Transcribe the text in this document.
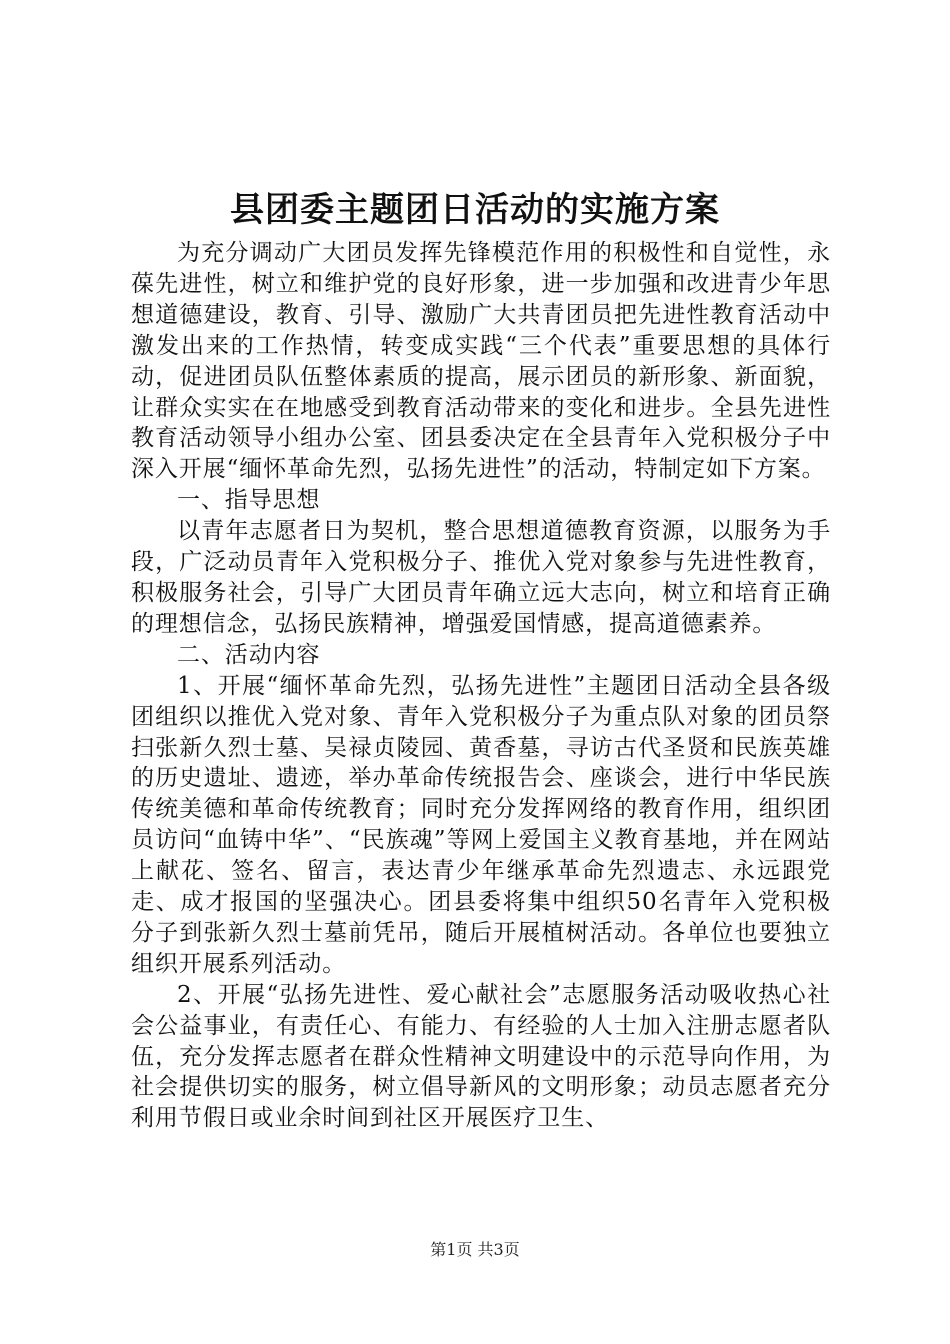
县团委主题团日活动的实施方案

为充分调动广大团员发挥先锋模范作用的积极性和自觉性，永葆先进性，树立和维护党的良好形象，进一步加强和改进青少年思想道德建设，教育、引导、激励广大共青团员把先进性教育活动中激发出来的工作热情，转变成实践“三个代表”重要思想的具体行动，促进团员队伍整体素质的提高，展示团员的新形象、新面貌，让群众实实在在地感受到教育活动带来的变化和进步。全县先进性教育活动领导小组办公室、团县委决定在全县青年入党积极分子中深入开展“缅怀革命先烈，弘扬先进性”的活动，特制定如下方案。

一、指导思想

以青年志愿者日为契机，整合思想道德教育资源，以服务为手段，广泛动员青年入党积极分子、推优入党对象参与先进性教育，积极服务社会，引导广大团员青年确立远大志向，树立和培育正确的理想信念，弘扬民族精神，增强爱国情感，提高道德素养。

二、活动内容

1、开展“缅怀革命先烈，弘扬先进性”主题团日活动全县各级团组织以推优入党对象、青年入党积极分子为重点队对象的团员祭扫张新久烈士墓、吴禄贞陵园、黄香墓，寻访古代圣贤和民族英雄的历史遗址、遗迹，举办革命传统报告会、座谈会，进行中华民族传统美德和革命传统教育；同时充分发挥网络的教育作用，组织团员访问“血铸中华”、“民族魂”等网上爱国主义教育基地，并在网站上献花、签名、留言，表达青少年继承革命先烈遗志、永远跟党走、成才报国的坚强决心。团县委将集中组织50名青年入党积极分子到张新久烈士墓前凭吊，随后开展植树活动。各单位也要独立组织开展系列活动。

2、开展“弘扬先进性、爱心献社会”志愿服务活动吸收热心社会公益事业，有责任心、有能力、有经验的人士加入注册志愿者队伍，充分发挥志愿者在群众性精神文明建设中的示范导向作用，为社会提供切实的服务，树立倡导新风的文明形象；动员志愿者充分利用节假日或业余时间到社区开展医疗卫生、

第1页 共3页
